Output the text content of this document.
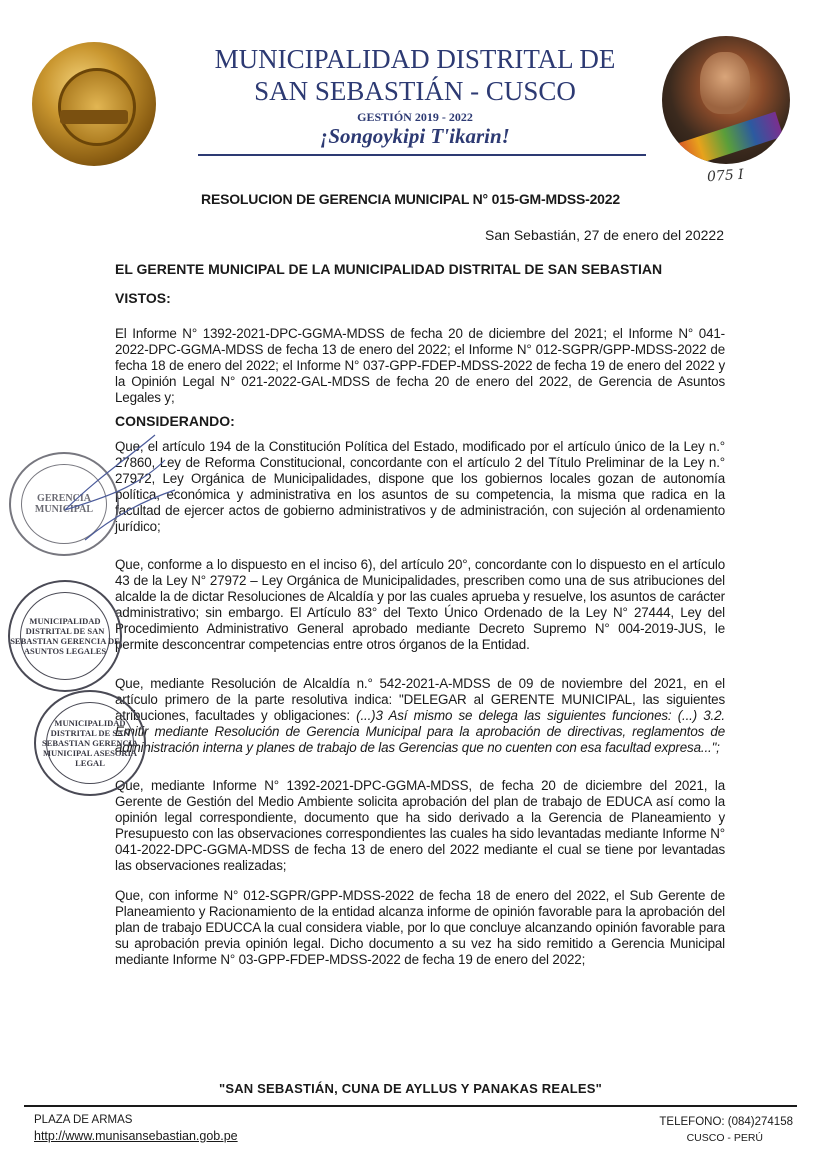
MUNICIPALIDAD DISTRITAL DE
SAN SEBASTIÁN - CUSCO
GESTIÓN 2019 - 2022
¡Songoykipi T'ikarin!
075 I
RESOLUCION DE GERENCIA MUNICIPAL N° 015-GM-MDSS-2022
San Sebastián, 27 de enero del 20222
EL GERENTE MUNICIPAL DE LA MUNICIPALIDAD DISTRITAL DE SAN SEBASTIAN
VISTOS:
El Informe N° 1392-2021-DPC-GGMA-MDSS de fecha 20 de diciembre del 2021; el Informe N° 041-2022-DPC-GGMA-MDSS de fecha 13 de enero del 2022; el Informe N° 012-SGPR/GPP-MDSS-2022 de fecha 18 de enero del 2022; el Informe N° 037-GPP-FDEP-MDSS-2022 de fecha 19 de enero del 2022 y la Opinión Legal N° 021-2022-GAL-MDSS de fecha 20 de enero del 2022, de Gerencia de Asuntos Legales y;
CONSIDERANDO:
Que, el artículo 194 de la Constitución Política del Estado, modificado por el artículo único de la Ley n.° 27860, Ley de Reforma Constitucional, concordante con el artículo 2 del Título Preliminar de la Ley n.° 27972, Ley Orgánica de Municipalidades, dispone que los gobiernos locales gozan de autonomía política, económica y administrativa en los asuntos de su competencia, la misma que radica en la facultad de ejercer actos de gobierno administrativos y de administración, con sujeción al ordenamiento jurídico;
Que, conforme a lo dispuesto en el inciso 6), del artículo 20°, concordante con lo dispuesto en el artículo 43 de la Ley N° 27972 – Ley Orgánica de Municipalidades, prescriben como una de sus atribuciones del alcalde la de dictar Resoluciones de Alcaldía y por las cuales aprueba y resuelve, los asuntos de carácter administrativo; sin embargo. El Artículo 83° del Texto Único Ordenado de la Ley N° 27444, Ley del Procedimiento Administrativo General aprobado mediante Decreto Supremo N° 004-2019-JUS, le permite desconcentrar competencias entre otros órganos de la Entidad.
Que, mediante Resolución de Alcaldía n.° 542-2021-A-MDSS de 09 de noviembre del 2021, en el artículo primero de la parte resolutiva indica: "DELEGAR al GERENTE MUNICIPAL, las siguientes atribuciones, facultades y obligaciones: (...)3 Así mismo se delega las siguientes funciones: (...) 3.2. Emitir mediante Resolución de Gerencia Municipal para la aprobación de directivas, reglamentos de administración interna y planes de trabajo de las Gerencias que no cuenten con esa facultad expresa...";
Que, mediante Informe N° 1392-2021-DPC-GGMA-MDSS, de fecha 20 de diciembre del 2021, la Gerente de Gestión del Medio Ambiente solicita aprobación del plan de trabajo de EDUCA así como la opinión legal correspondiente, documento que ha sido derivado a la Gerencia de Planeamiento y Presupuesto con las observaciones correspondientes las cuales ha sido levantadas mediante Informe N° 041-2022-DPC-GGMA-MDSS de fecha 13 de enero del 2022 mediante el cual se tiene por levantadas las observaciones realizadas;
Que, con informe N° 012-SGPR/GPP-MDSS-2022 de fecha 18 de enero del 2022, el Sub Gerente de Planeamiento y Racionamiento de la entidad alcanza informe de opinión favorable para la aprobación del plan de trabajo EDUCCA la cual considera viable, por lo que concluye alcanzando opinión favorable para su aprobación previa opinión legal. Dicho documento a su vez ha sido remitido a Gerencia Municipal mediante Informe N° 03-GPP-FDEP-MDSS-2022 de fecha 19 de enero del 2022;
GERENCIA MUNICIPAL
MUNICIPALIDAD DISTRITAL DE SAN SEBASTIAN GERENCIA DE ASUNTOS LEGALES
MUNICIPALIDAD DISTRITAL DE SAN SEBASTIAN GERENCIA MUNICIPAL ASESORIA LEGAL
"SAN SEBASTIÁN, CUNA DE AYLLUS Y PANAKAS REALES"
PLAZA DE ARMAS
http://www.munisansebastian.gob.pe
TELEFONO: (084)274158
CUSCO - PERÚ
